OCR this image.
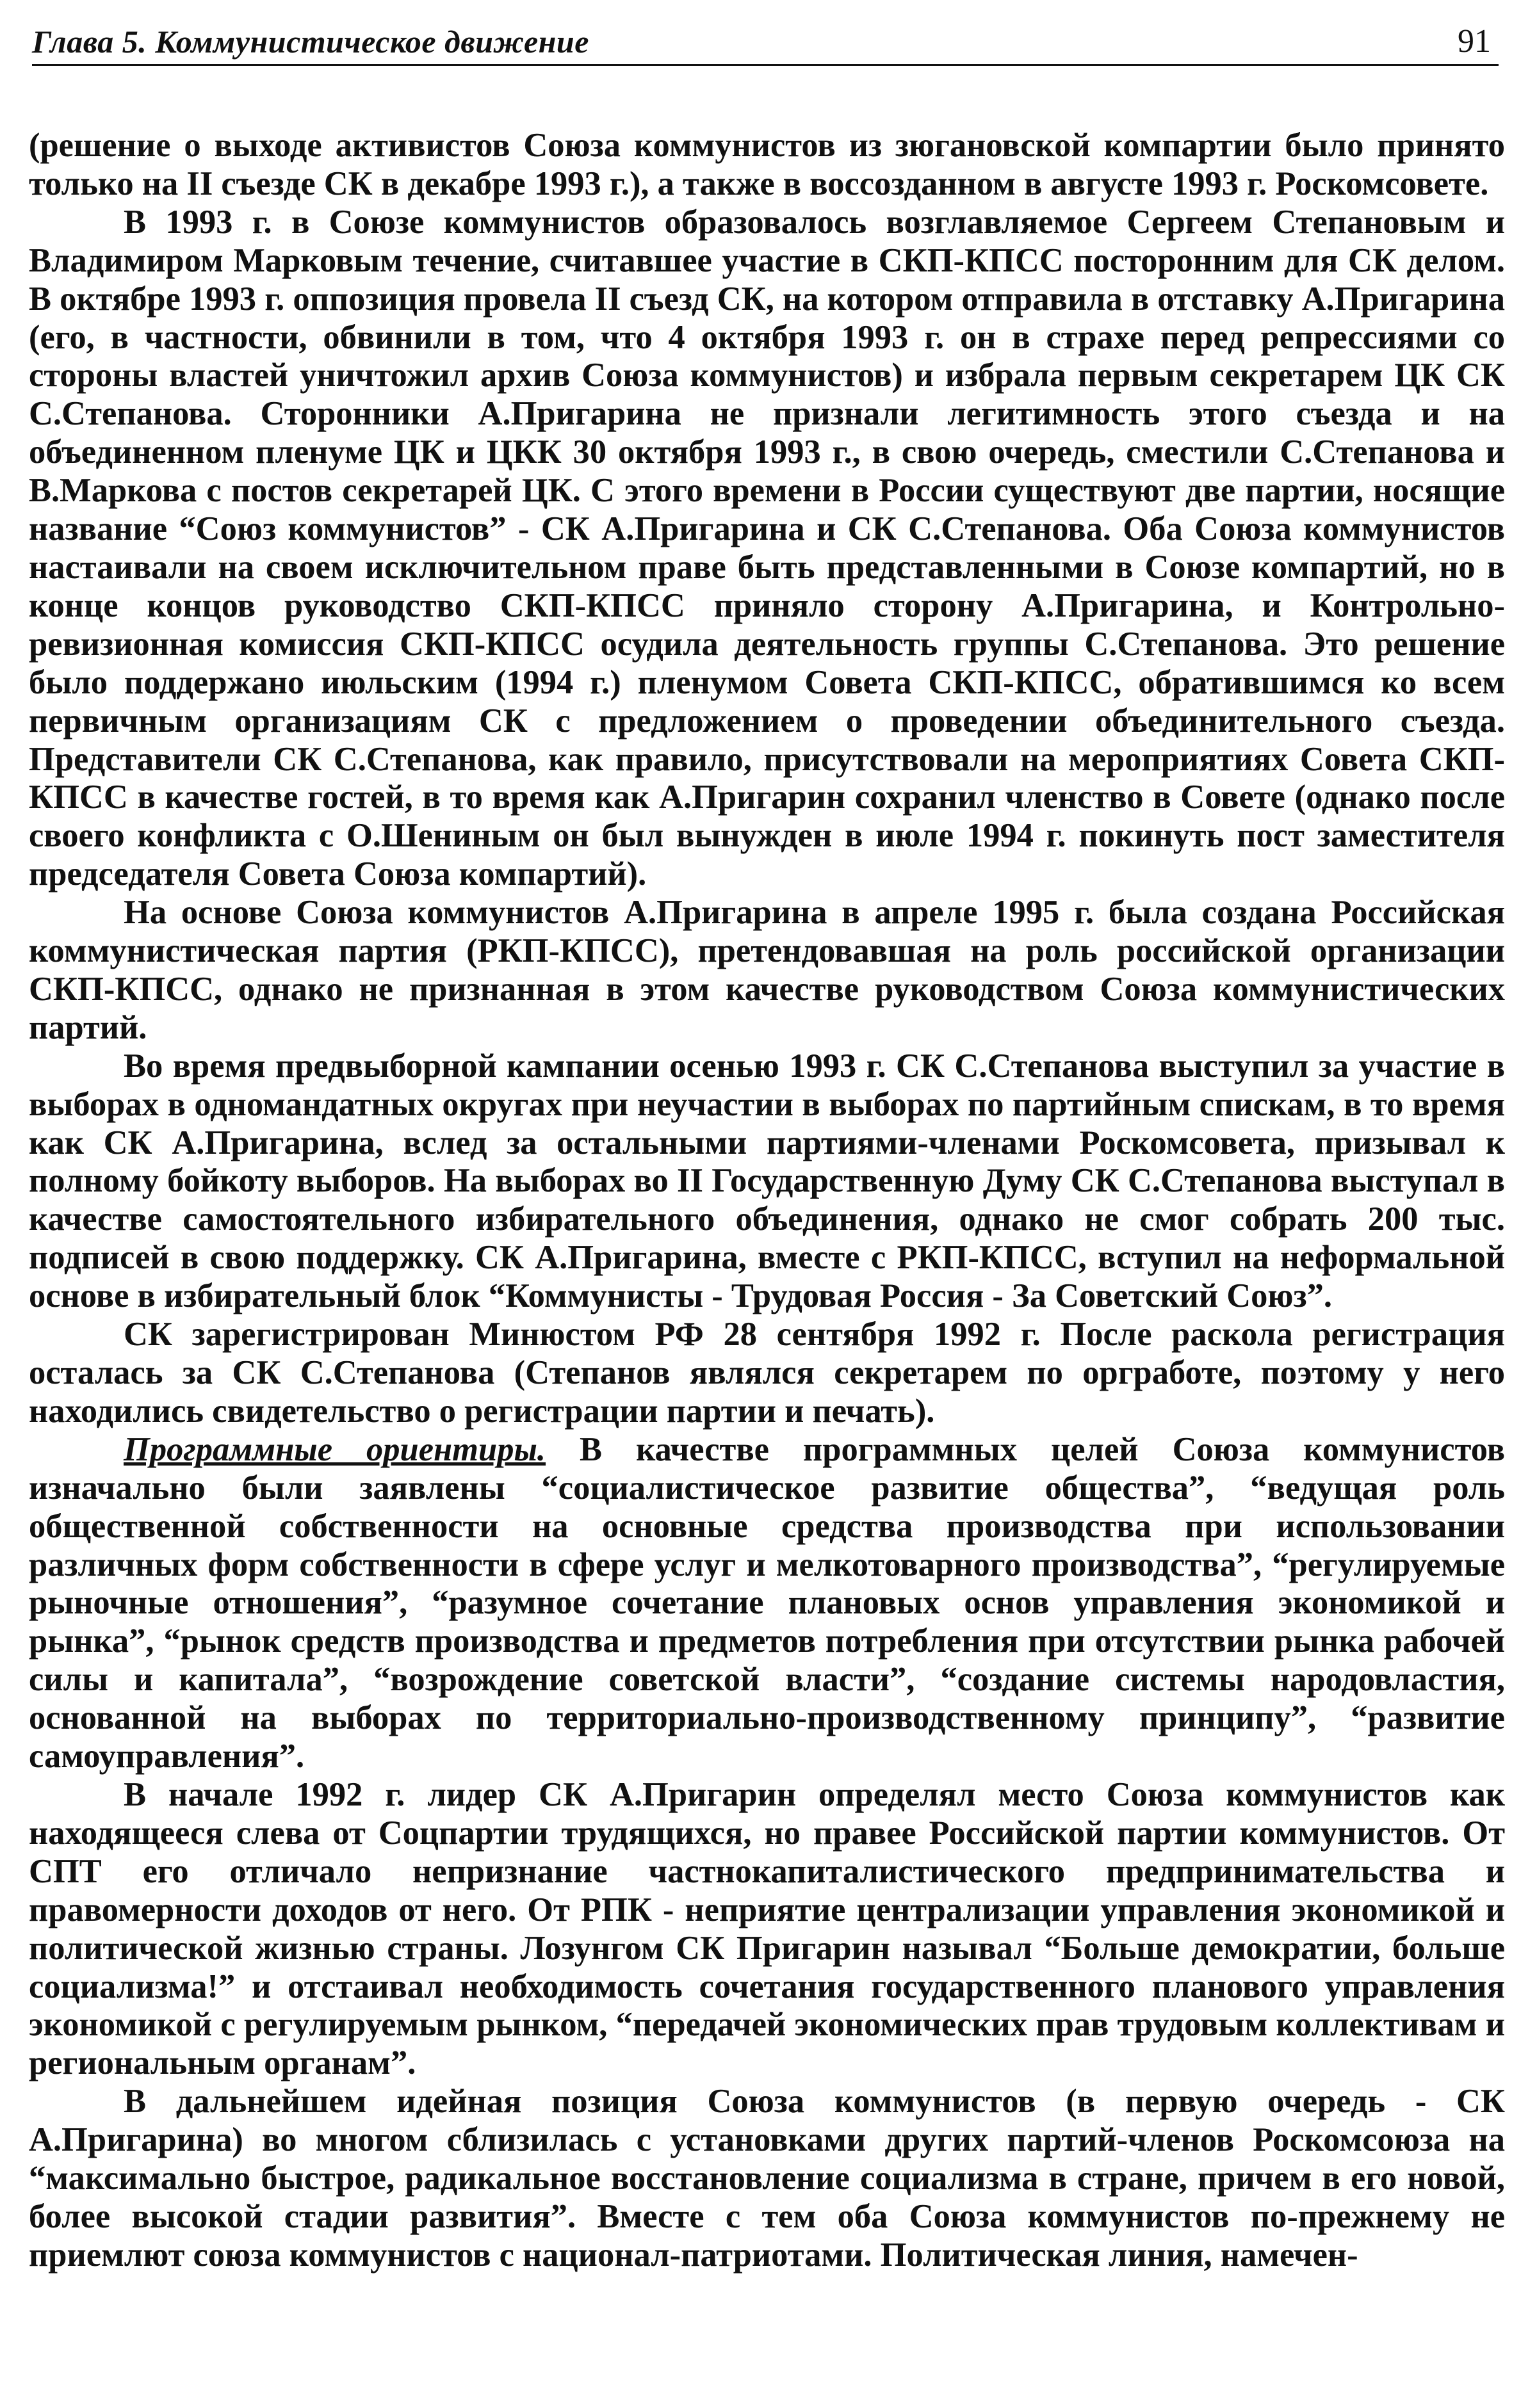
Глава 5. Коммунистическое движение	91

(решение о выходе активистов Союза коммунистов из зюгановской компартии было принято только на II съезде СК в декабре 1993 г.), а также в воссозданном в августе 1993 г. Роскомсовете.

В 1993 г. в Союзе коммунистов образовалось возглавляемое Сергеем Степановым и Владимиром Марковым течение, считавшее участие в СКП-КПСС посторонним для СК делом. В октябре 1993 г. оппозиция провела II съезд СК, на котором отправила в отставку А.Пригарина (его, в частности, обвинили в том, что 4 октября 1993 г. он в страхе перед репрессиями со стороны властей уничтожил архив Союза коммунистов) и избрала первым секретарем ЦК СК С.Степанова. Сторонники А.Пригарина не признали легитимность этого съезда и на объединенном пленуме ЦК и ЦКК 30 октября 1993 г., в свою очередь, сместили С.Степанова и В.Маркова с постов секретарей ЦК. С этого времени в России существуют две партии, носящие название “Союз коммунистов” - СК А.Пригарина и СК С.Степанова. Оба Союза коммунистов настаивали на своем исключительном праве быть представленными в Союзе компартий, но в конце концов руководство СКП-КПСС приняло сторону А.Пригарина, и Контрольно-ревизионная комиссия СКП-КПСС осудила деятельность группы С.Степанова. Это решение было поддержано июльским (1994 г.) пленумом Совета СКП-КПСС, обратившимся ко всем первичным организациям СК с предложением о проведении объединительного съезда. Представители СК С.Степанова, как правило, присутствовали на мероприятиях Совета СКП-КПСС в качестве гостей, в то время как А.Пригарин сохранил членство в Совете (однако после своего конфликта с О.Шениным он был вынужден в июле 1994 г. покинуть пост заместителя председателя Совета Союза компартий).

На основе Союза коммунистов А.Пригарина в апреле 1995 г. была создана Российская коммунистическая партия (РКП-КПСС), претендовавшая на роль российской организации СКП-КПСС, однако не признанная в этом качестве руководством Союза коммунистических партий.

Во время предвыборной кампании осенью 1993 г. СК С.Степанова выступил за участие в выборах в одномандатных округах при неучастии в выборах по партийным спискам, в то время как СК А.Пригарина, вслед за остальными партиями-членами Роскомсовета, призывал к полному бойкоту выборов. На выборах во II Государственную Думу СК С.Степанова выступал в качестве самостоятельного избирательного объединения, однако не смог собрать 200 тыс. подписей в свою поддержку. СК А.Пригарина, вместе с РКП-КПСС, вступил на неформальной основе в избирательный блок “Коммунисты - Трудовая Россия - За Советский Союз”.

СК зарегистрирован Минюстом РФ 28 сентября 1992 г. После раскола регистрация осталась за СК С.Степанова (Степанов являлся секретарем по оргработе, поэтому у него находились свидетельство о регистрации партии и печать).

Программные ориентиры. В качестве программных целей Союза коммунистов изначально были заявлены “социалистическое развитие общества”, “ведущая роль общественной собственности на основные средства производства при использовании различных форм собственности в сфере услуг и мелкотоварного производства”, “регулируемые рыночные отношения”, “разумное сочетание плановых основ управления экономикой и рынка”, “рынок средств производства и предметов потребления при отсутствии рынка рабочей силы и капитала”, “возрождение советской власти”, “создание системы народовластия, основанной на выборах по территориально-производственному принципу”, “развитие самоуправления”.

В начале 1992 г. лидер СК А.Пригарин определял место Союза коммунистов как находящееся слева от Соцпартии трудящихся, но правее Российской партии коммунистов. От СПТ его отличало непризнание частнокапиталистического предпринимательства и правомерности доходов от него. От РПК - неприятие централизации управления экономикой и политической жизнью страны. Лозунгом СК Пригарин называл “Больше демократии, больше социализма!” и отстаивал необходимость сочетания государственного планового управления экономикой с регулируемым рынком, “передачей экономических прав трудовым коллективам и региональным органам”.

В дальнейшем идейная позиция Союза коммунистов (в первую очередь - СК А.Пригарина) во многом сблизилась с установками других партий-членов Роскомсоюза на “максимально быстрое, радикальное восстановление социализма в стране, причем в его новой, более высокой стадии развития”. Вместе с тем оба Союза коммунистов по-прежнему не приемлют союза коммунистов с национал-патриотами. Политическая линия, намечен-
